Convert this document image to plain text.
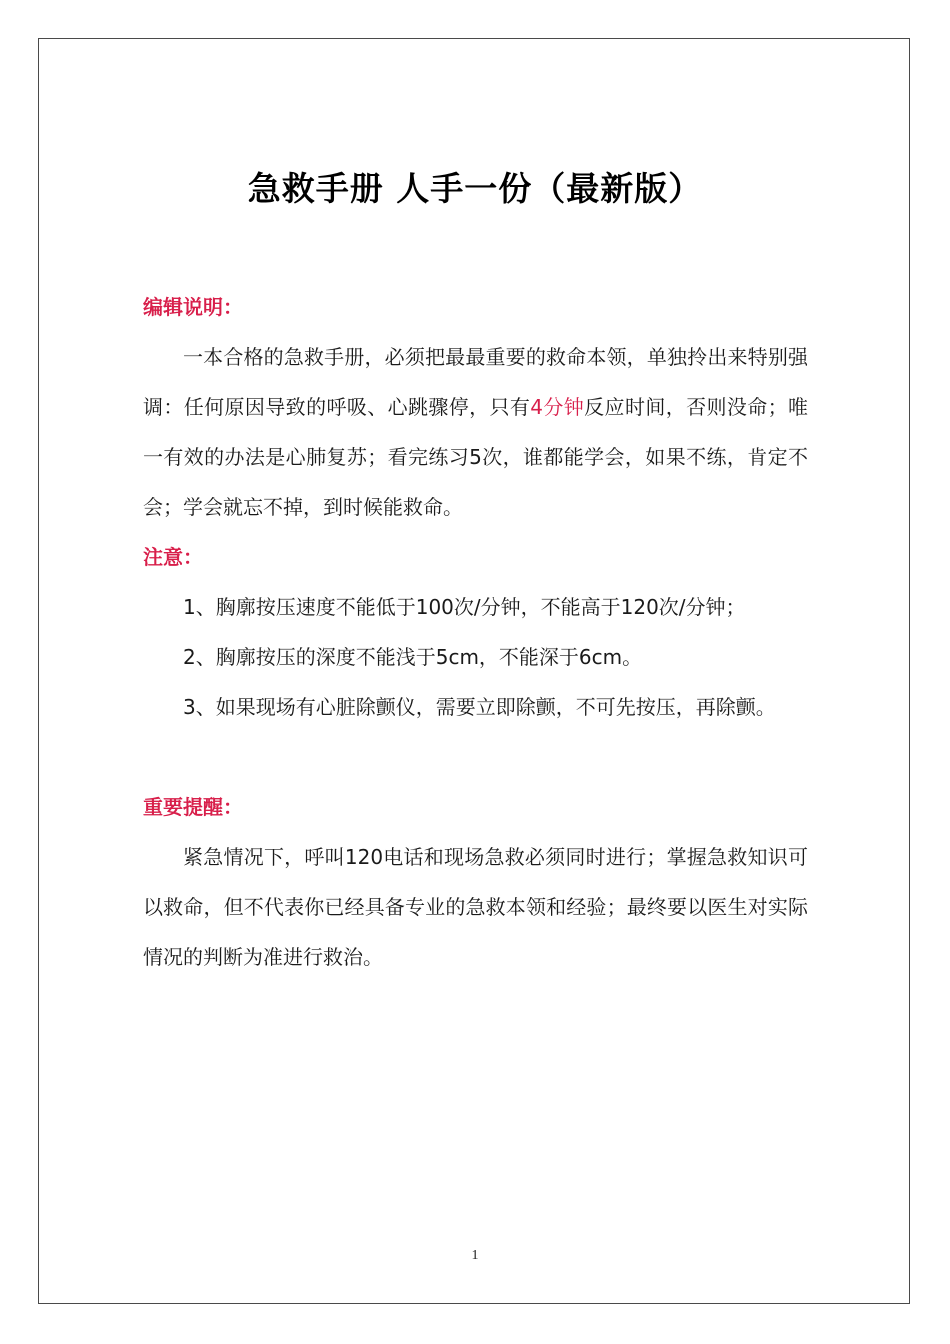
急救手册 人手一份（最新版）
编辑说明：
一本合格的急救手册，必须把最最重要的救命本领，单独拎出来特别强调：任何原因导致的呼吸、心跳骤停，只有4分钟反应时间，否则没命；唯一有效的办法是心肺复苏；看完练习5次，谁都能学会，如果不练，肯定不会；学会就忘不掉，到时候能救命。
注意：
1、胸廓按压速度不能低于100次/分钟，不能高于120次/分钟；
2、胸廓按压的深度不能浅于5cm，不能深于6cm。
3、如果现场有心脏除颤仪，需要立即除颤，不可先按压，再除颤。
重要提醒：
紧急情况下，呼叫120电话和现场急救必须同时进行；掌握急救知识可以救命，但不代表你已经具备专业的急救本领和经验；最终要以医生对实际情况的判断为准进行救治。
1
